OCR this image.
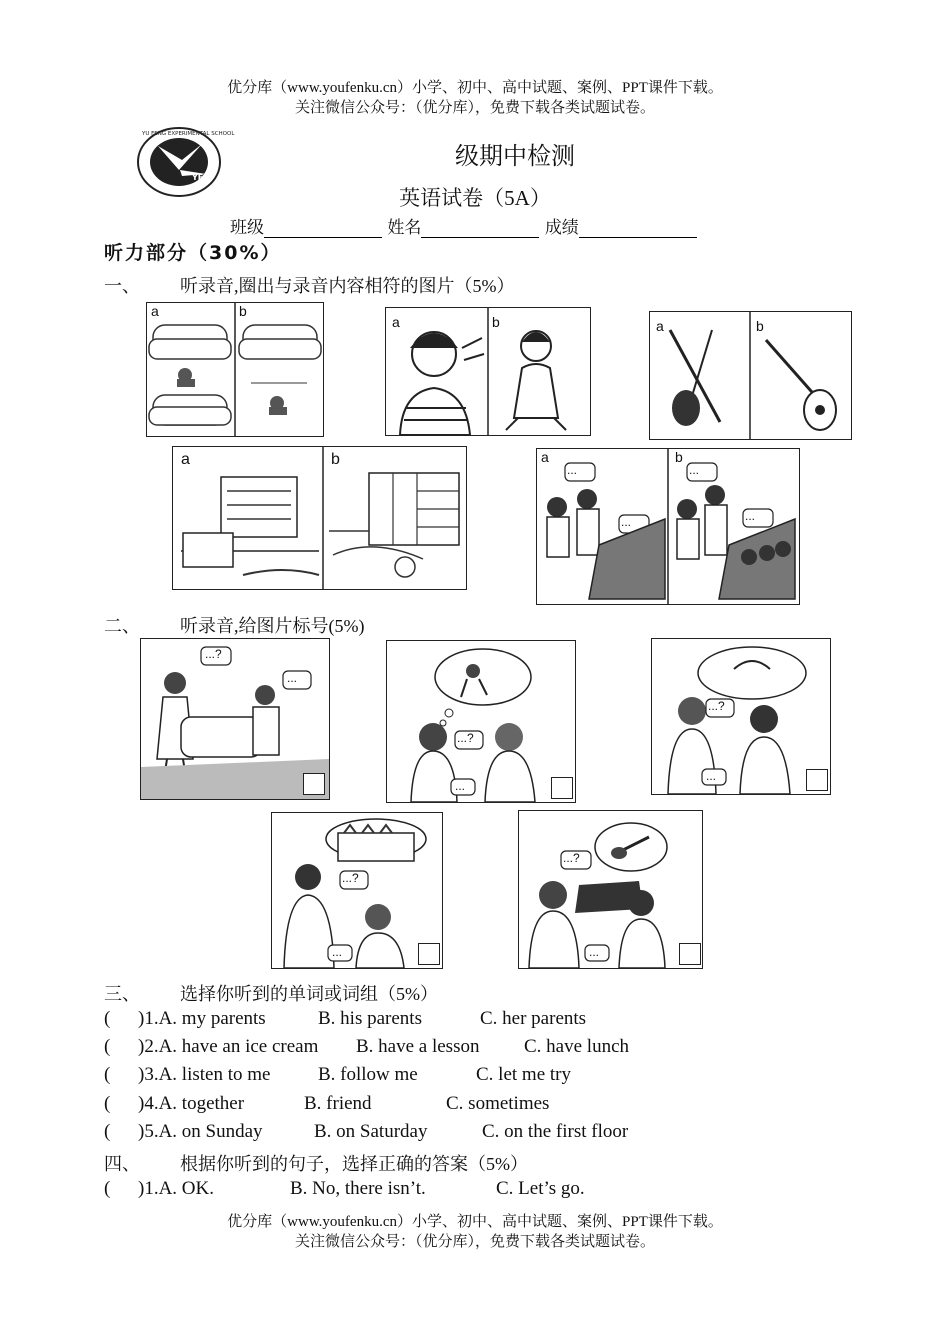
优分库（www.youfenku.cn）小学、初中、高中试题、案例、PPT课件下载。
关注微信公众号：（优分库），免费下载各类试题试卷。
YES
YU FENG EXPERIMENTAL SCHOOL
级期中检测
英语试卷（5A）
班级	姓名	成绩
听力部分（30%）
一、 听录音,圈出与录音内容相符的图片（5%）
a	b
a	b	a	b
a	b	a	b
...
...
...
...
二、 听录音,给图片标号(5%)
...?
...
...?
...
...?
...
...?
...
...?
...
三、 选择你听到的单词或词组（5%）
( )1.A. my parents	B. his parents	C. her parents
( )2.A. have an ice cream B. have a lesson C. have lunch
( )3.A. listen to me	B. follow me	C. let me try
( )4.A. together	B. friend	C. sometimes
( )5.A. on Sunday	B. on Saturday	C. on the first floor
四、 根据你听到的句子，选择正确的答案（5%）
( )1.A. OK.	B. No, there isn’t.	C. Let’s go.
优分库（www.youfenku.cn）小学、初中、高中试题、案例、PPT课件下载。
关注微信公众号：（优分库），免费下载各类试题试卷。
